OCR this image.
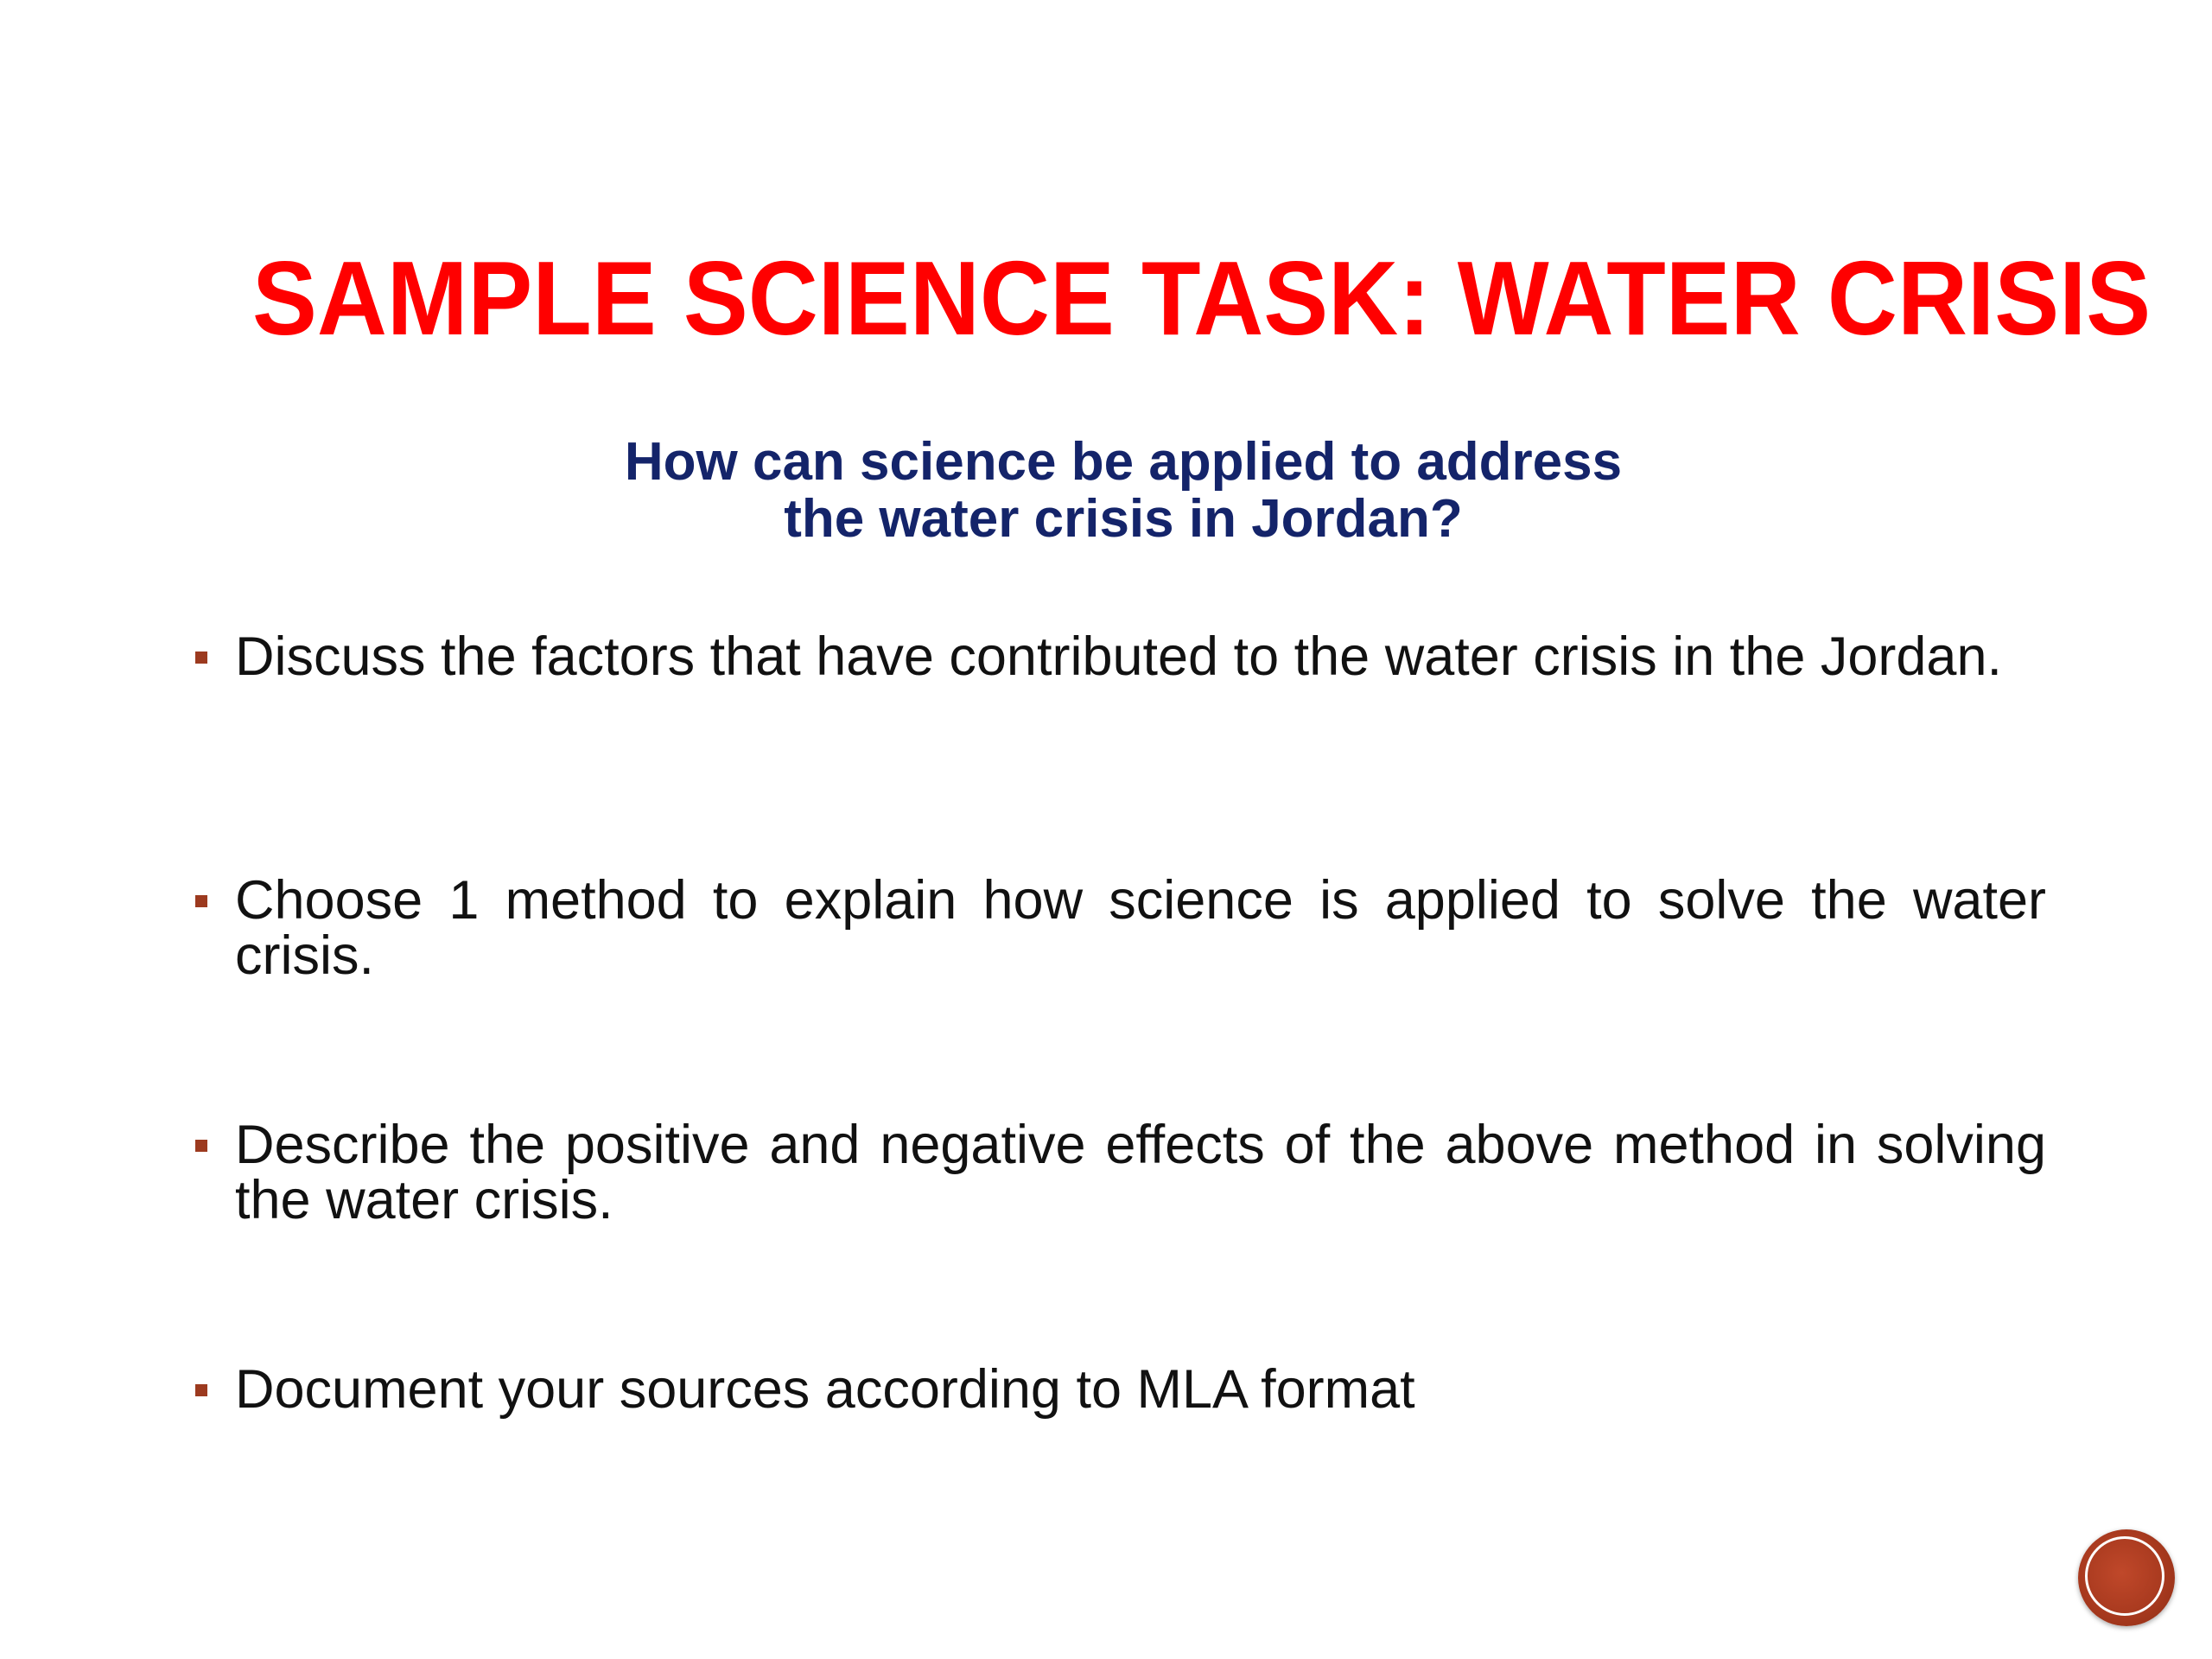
SAMPLE SCIENCE TASK: WATER CRISIS
How can science be applied to address
the water crisis in Jordan?
Discuss the factors that have contributed to the water crisis in the Jordan.
Choose 1 method to explain how science is applied to solve the water crisis.
Describe the positive and negative effects of the above method in solving the water crisis.
Document your sources according to MLA format
